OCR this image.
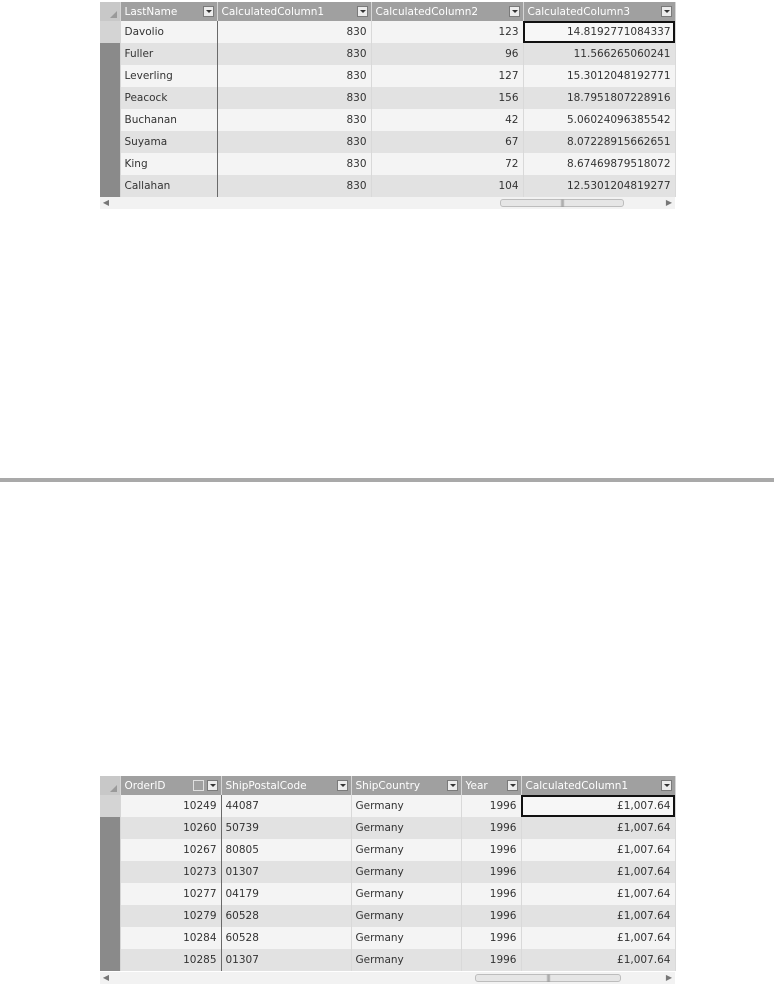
	LastName	CalculatedColumn1	CalculatedColumn2	CalculatedColumn3

	Davolio	830	123	14.8192771084337
	Fuller	830	96	11.566265060241
	Leverling	830	127	15.3012048192771
	Peacock	830	156	18.7951807228916
	Buchanan	830	42	5.06024096385542
	Suyama	830	67	8.07228915662651
	King	830	72	8.67469879518072
	Callahan	830	104	12.5301204819277
◀	|||	▶
	OrderID	ShipPostalCode	ShipCountry	Year	CalculatedColumn1

	10249	44087	Germany	1996	£1,007.64
	10260	50739	Germany	1996	£1,007.64
	10267	80805	Germany	1996	£1,007.64
	10273	01307	Germany	1996	£1,007.64
	10277	04179	Germany	1996	£1,007.64
	10279	60528	Germany	1996	£1,007.64
	10284	60528	Germany	1996	£1,007.64
	10285	01307	Germany	1996	£1,007.64
◀	|||	▶
